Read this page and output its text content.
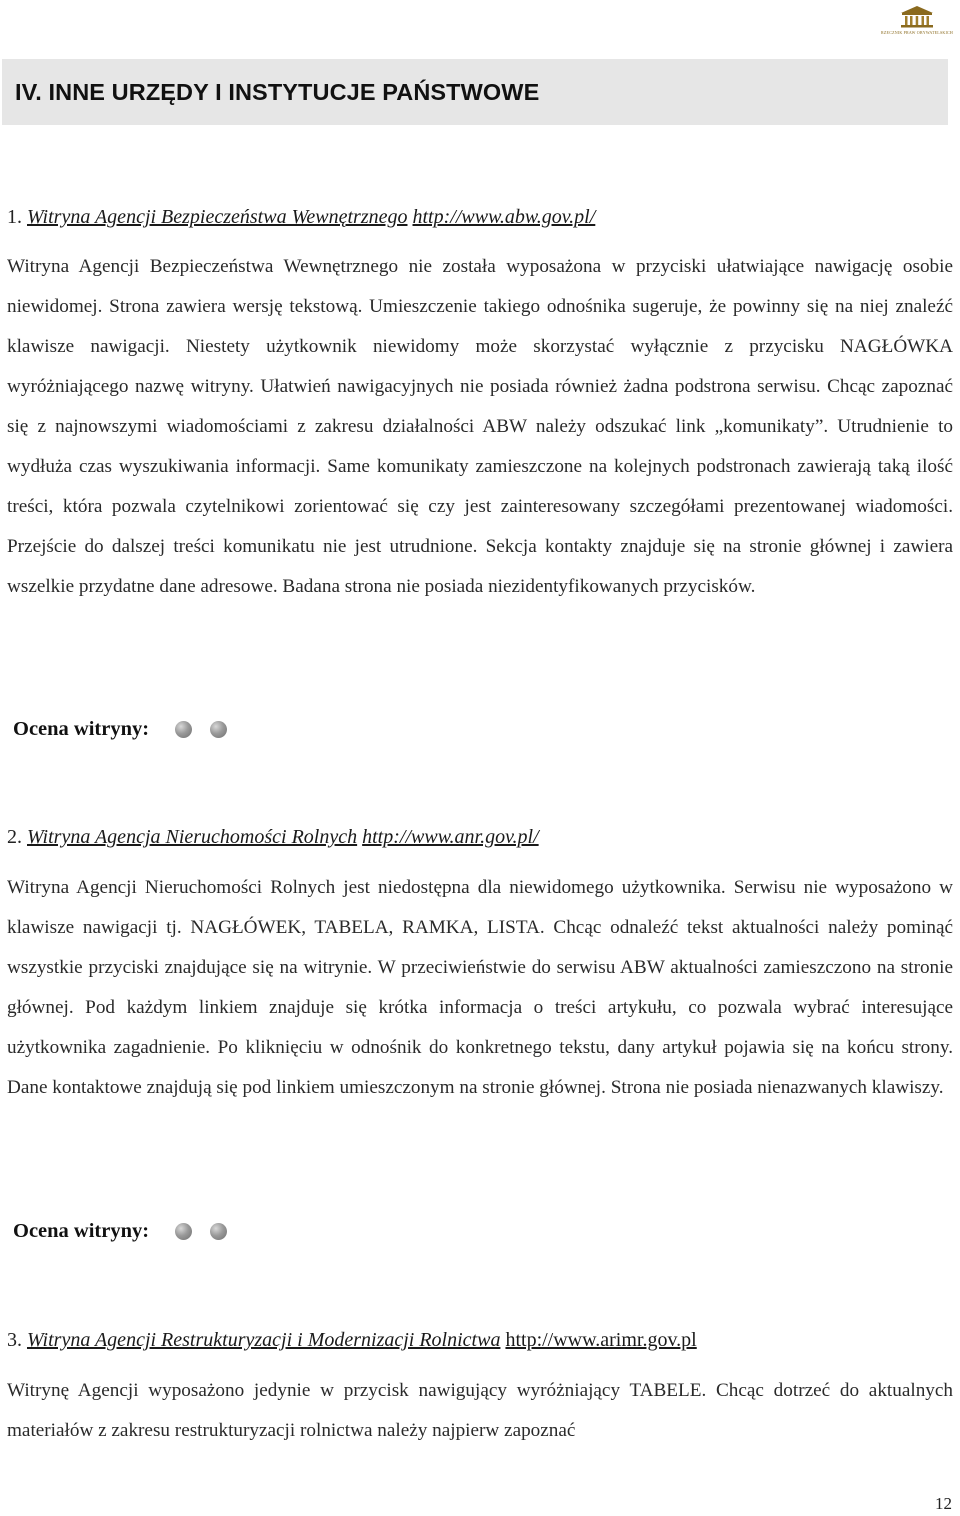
RZECZNIK PRAW OBYWATELSKICH
IV. INNE URZĘDY I INSTYTUCJE PAŃSTWOWE

1. Witryna Agencji Bezpieczeństwa Wewnętrznego http://www.abw.gov.pl/

Witryna Agencji Bezpieczeństwa Wewnętrznego nie została wyposażona w przyciski ułatwiające nawigację osobie niewidomej. Strona zawiera wersję tekstową. Umieszczenie takiego odnośnika sugeruje, że powinny się na niej znaleźć klawisze nawigacji. Niestety użytkownik niewidomy może skorzystać wyłącznie z przycisku NAGŁÓWKA wyróżniającego nazwę witryny. Ułatwień nawigacyjnych nie posiada również żadna podstrona serwisu. Chcąc zapoznać się z najnowszymi wiadomościami z zakresu działalności ABW należy odszukać link „komunikaty”. Utrudnienie to wydłuża czas wyszukiwania informacji. Same komunikaty zamieszczone na kolejnych podstronach zawierają taką ilość treści, która pozwala czytelnikowi zorientować się czy jest zainteresowany szczegółami prezentowanej wiadomości. Przejście do dalszej treści komunikatu nie jest utrudnione. Sekcja kontakty znajduje się na stronie głównej i zawiera wszelkie przydatne dane adresowe. Badana strona nie posiada niezidentyfikowanych przycisków.

Ocena witryny:

2. Witryna Agencja Nieruchomości Rolnych http://www.anr.gov.pl/

Witryna Agencji Nieruchomości Rolnych jest niedostępna dla niewidomego użytkownika. Serwisu nie wyposażono w klawisze nawigacji tj. NAGŁÓWEK, TABELA, RAMKA, LISTA. Chcąc odnaleźć tekst aktualności należy pominąć wszystkie przyciski znajdujące się na witrynie. W przeciwieństwie do serwisu ABW aktualności zamieszczono na stronie głównej. Pod każdym linkiem znajduje się krótka informacja o treści artykułu, co pozwala wybrać interesujące użytkownika zagadnienie. Po kliknięciu w odnośnik do konkretnego tekstu, dany artykuł pojawia się na końcu strony. Dane kontaktowe znajdują się pod linkiem umieszczonym na stronie głównej. Strona nie posiada nienazwanych klawiszy.

Ocena witryny:

3. Witryna Agencji Restrukturyzacji i Modernizacji Rolnictwa http://www.arimr.gov.pl

Witrynę Agencji wyposażono jedynie w przycisk nawigujący wyróżniający TABELE. Chcąc dotrzeć do aktualnych materiałów z zakresu restrukturyzacji rolnictwa należy najpierw zapoznać

12
